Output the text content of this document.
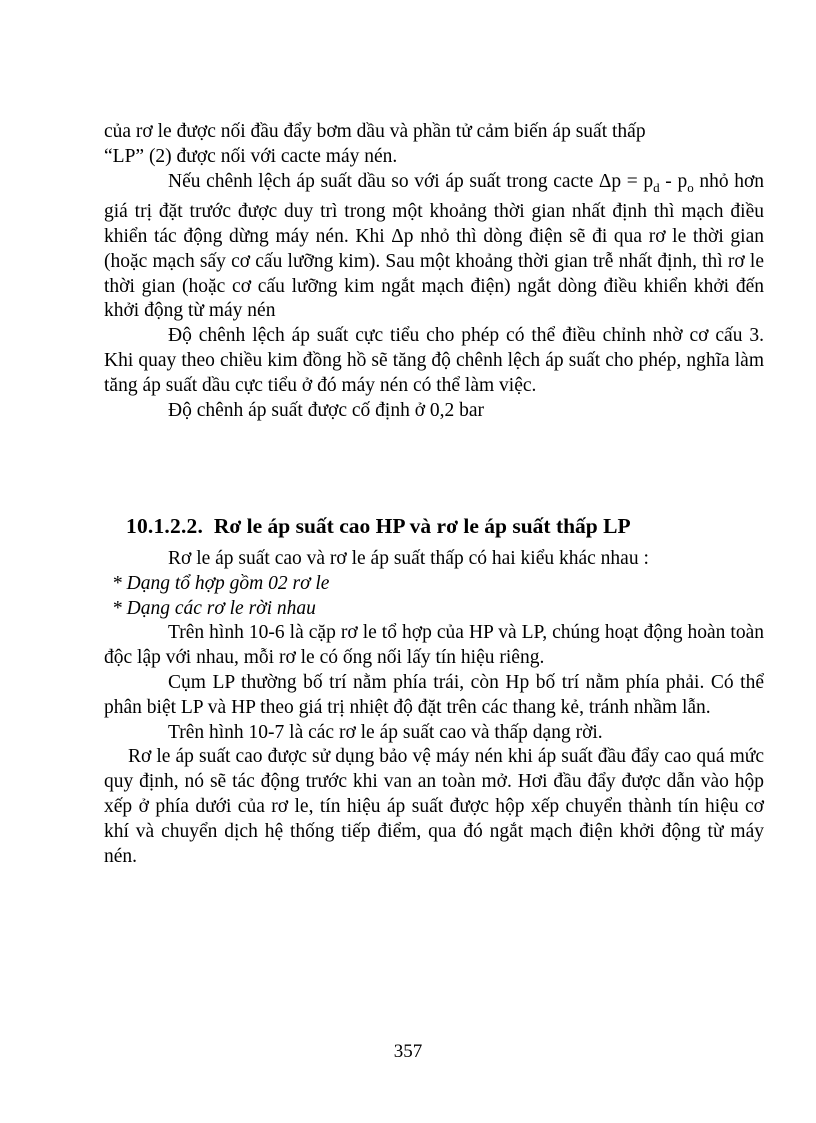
của rơ le được nối đầu đẩy bơm dầu và phần tử cảm biến áp suất thấp

“LP” (2) được nối với cacte máy nén.

Nếu chênh lệch áp suất dầu so với áp suất trong cacte $\Delta p = p_d - p_o$ nhỏ hơn giá trị đặt trước được duy trì trong một khoảng thời gian nhất định thì mạch điều khiển tác động dừng máy nén. Khi Δp nhỏ thì dòng điện sẽ đi qua rơ le thời gian (hoặc mạch sấy cơ cấu lưỡng kim). Sau một khoảng thời gian trễ nhất định, thì rơ le thời gian (hoặc cơ cấu lưỡng kim ngắt mạch điện) ngắt dòng điều khiển khởi đến khởi động từ máy nén

Độ chênh lệch áp suất cực tiểu cho phép có thể điều chỉnh nhờ cơ cấu 3. Khi quay theo chiều kim đồng hồ sẽ tăng độ chênh lệch áp suất cho phép, nghĩa làm tăng áp suất dầu cực tiểu ở đó máy nén có thể làm việc.

Độ chênh áp suất được cố định ở 0,2 bar

10.1.2.2. Rơ le áp suất cao HP và rơ le áp suất thấp LP

Rơ le áp suất cao và rơ le áp suất thấp có hai kiểu khác nhau :

* Dạng tổ hợp gồm 02 rơ le

* Dạng các rơ le rời nhau

Trên hình 10-6 là cặp rơ le tổ hợp của HP và LP, chúng hoạt động hoàn toàn độc lập với nhau, mỗi rơ le có ống nối lấy tín hiệu riêng.

Cụm LP thường bố trí nằm phía trái, còn Hp bố trí nằm phía phải. Có thể phân biệt LP và HP theo giá trị nhiệt độ đặt trên các thang kẻ, tránh nhầm lẫn.

Trên hình 10-7 là các rơ le áp suất cao và thấp dạng rời.

Rơ le áp suất cao được sử dụng bảo vệ máy nén khi áp suất đầu đẩy cao quá mức quy định, nó sẽ tác động trước khi van an toàn mở. Hơi đầu đẩy được dẫn vào hộp xếp ở phía dưới của rơ le, tín hiệu áp suất được hộp xếp chuyển thành tín hiệu cơ khí và chuyển dịch hệ thống tiếp điểm, qua đó ngắt mạch điện khởi động từ máy nén.

357
